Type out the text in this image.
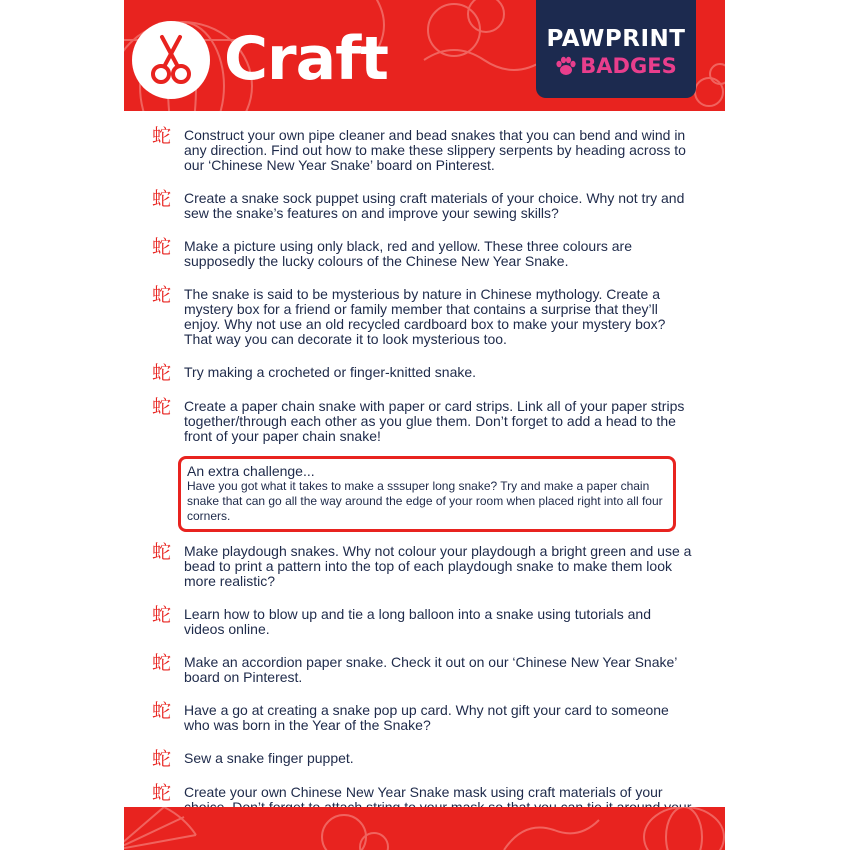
Craft	PAWPRINT
BADGES
蛇 Construct your own pipe cleaner and bead snakes that you can bend and wind in any direction. Find out how to make these slippery serpents by heading across to our ‘Chinese New Year Snake’ board on Pinterest.

蛇 Create a snake sock puppet using craft materials of your choice. Why not try and sew the snake’s features on and improve your sewing skills?

蛇 Make a picture using only black, red and yellow. These three colours are supposedly the lucky colours of the Chinese New Year Snake.

蛇 The snake is said to be mysterious by nature in Chinese mythology. Create a mystery box for a friend or family member that contains a surprise that they’ll enjoy. Why not use an old recycled cardboard box to make your mystery box? That way you can decorate it to look mysterious too.

蛇 Try making a crocheted or finger-knitted snake.

蛇 Create a paper chain snake with paper or card strips. Link all of your paper strips together/through each other as you glue them. Don’t forget to add a head to the front of your paper chain snake!

An extra challenge...

Have you got what it takes to make a sssuper long snake? Try and make a paper chain snake that can go all the way around the edge of your room when placed right into all four corners.

蛇 Make playdough snakes. Why not colour your playdough a bright green and use a bead to print a pattern into the top of each playdough snake to make them look more realistic?

蛇 Learn how to blow up and tie a long balloon into a snake using tutorials and videos online.

蛇 Make an accordion paper snake. Check it out on our ‘Chinese New Year Snake’ board on Pinterest.

蛇 Have a go at creating a snake pop up card. Why not gift your card to someone who was born in the Year of the Snake?

蛇 Sew a snake finger puppet.

蛇 Create your own Chinese New Year Snake mask using craft materials of your
